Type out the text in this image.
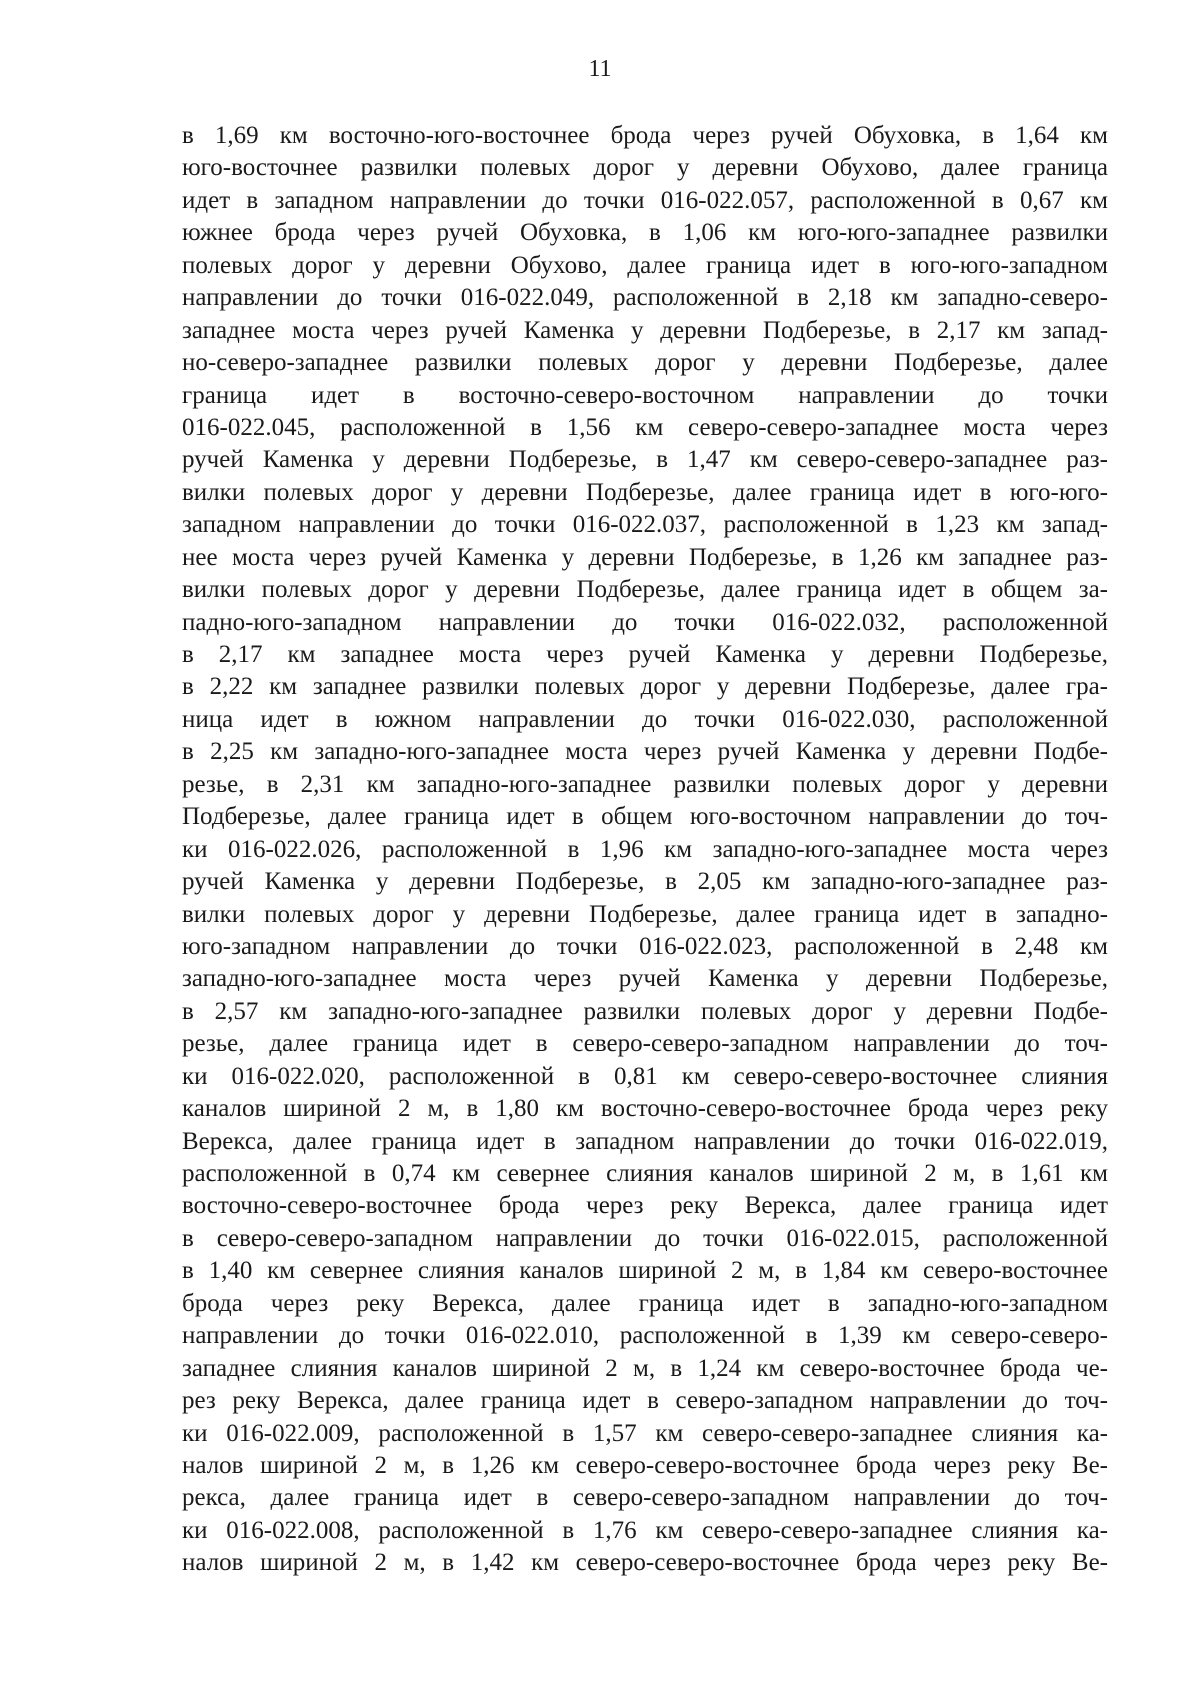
11
в 1,69 км восточно-юго-восточнее брода через ручей Обуховка, в 1,64 км
юго-восточнее развилки полевых дорог у деревни Обухово, далее граница
идет в западном направлении до точки 016-022.057, расположенной в 0,67 км
южнее брода через ручей Обуховка, в 1,06 км юго-юго-западнее развилки
полевых дорог у деревни Обухово, далее граница идет в юго-юго-западном
направлении до точки 016-022.049, расположенной в 2,18 км западно-северо-
западнее моста через ручей Каменка у деревни Подберезье, в 2,17 км запад-
но-северо-западнее развилки полевых дорог у деревни Подберезье, далее
граница идет в восточно-северо-восточном направлении до точки
016-022.045, расположенной в 1,56 км северо-северо-западнее моста через
ручей Каменка у деревни Подберезье, в 1,47 км северо-северо-западнее раз-
вилки полевых дорог у деревни Подберезье, далее граница идет в юго-юго-
западном направлении до точки 016-022.037, расположенной в 1,23 км запад-
нее моста через ручей Каменка у деревни Подберезье, в 1,26 км западнее раз-
вилки полевых дорог у деревни Подберезье, далее граница идет в общем за-
падно-юго-западном направлении до точки 016-022.032, расположенной
в 2,17 км западнее моста через ручей Каменка у деревни Подберезье,
в 2,22 км западнее развилки полевых дорог у деревни Подберезье, далее гра-
ница идет в южном направлении до точки 016-022.030, расположенной
в 2,25 км западно-юго-западнее моста через ручей Каменка у деревни Подбе-
резье, в 2,31 км западно-юго-западнее развилки полевых дорог у деревни
Подберезье, далее граница идет в общем юго-восточном направлении до точ-
ки 016-022.026, расположенной в 1,96 км западно-юго-западнее моста через
ручей Каменка у деревни Подберезье, в 2,05 км западно-юго-западнее раз-
вилки полевых дорог у деревни Подберезье, далее граница идет в западно-
юго-западном направлении до точки 016-022.023, расположенной в 2,48 км
западно-юго-западнее моста через ручей Каменка у деревни Подберезье,
в 2,57 км западно-юго-западнее развилки полевых дорог у деревни Подбе-
резье, далее граница идет в северо-северо-западном направлении до точ-
ки 016-022.020, расположенной в 0,81 км северо-северо-восточнее слияния
каналов шириной 2 м, в 1,80 км восточно-северо-восточнее брода через реку
Верекса, далее граница идет в западном направлении до точки 016-022.019,
расположенной в 0,74 км севернее слияния каналов шириной 2 м, в 1,61 км
восточно-северо-восточнее брода через реку Верекса, далее граница идет
в северо-северо-западном направлении до точки 016-022.015, расположенной
в 1,40 км севернее слияния каналов шириной 2 м, в 1,84 км северо-восточнее
брода через реку Верекса, далее граница идет в западно-юго-западном
направлении до точки 016-022.010, расположенной в 1,39 км северо-северо-
западнее слияния каналов шириной 2 м, в 1,24 км северо-восточнее брода че-
рез реку Верекса, далее граница идет в северо-западном направлении до точ-
ки 016-022.009, расположенной в 1,57 км северо-северо-западнее слияния ка-
налов шириной 2 м, в 1,26 км северо-северо-восточнее брода через реку Ве-
рекса, далее граница идет в северо-северо-западном направлении до точ-
ки 016-022.008, расположенной в 1,76 км северо-северо-западнее слияния ка-
налов шириной 2 м, в 1,42 км северо-северо-восточнее брода через реку Ве-
